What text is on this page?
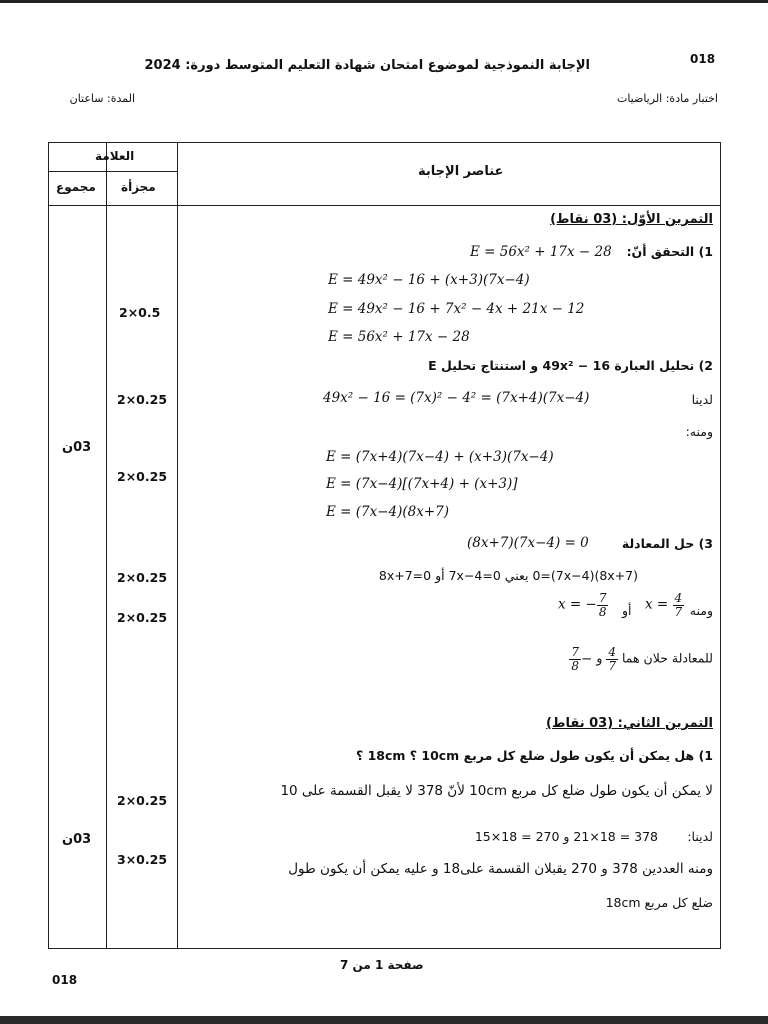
018
الإجابة النموذجية لموضوع امتحان شهادة التعليم المتوسط دورة: 2024
اختبار مادة: الرياضيات
المدة: ساعتان
العلامة
مجزأة
مجموع
عناصر الإجابة
التمرين الأوّل: (03 نقاط)
1) التحقق أنّ:
E = 56x² + 17x − 28
E = 49x² − 16 + (x+3)(7x−4)
E = 49x² − 16 + 7x² − 4x + 21x − 12
E = 56x² + 17x − 28
2) تحليل العبارة 49x² − 16 و استنتاج تحليل E
لدينا
49x² − 16 = (7x)² − 4² = (7x+4)(7x−4)
ومنه:
E = (7x+4)(7x−4) + (x+3)(7x−4)
E = (7x−4)[(7x+4) + (x+3)]
E = (7x−4)(8x+7)
3) حل المعادلة
(8x+7)(7x−4) = 0
(8x+7)(7x−4)=0 يعني 7x−4=0 أو 8x+7=0
ومنه
$x = \frac{4}{7}$
أو
x = − $\frac{7}{8}$
للمعادلة حلان هما
$\frac{4}{7}$
و −
$\frac{7}{8}$
2×0.5
2×0.25
2×0.25
2×0.25
2×0.25
03ن
التمرين الثاني: (03 نقاط)
1) هل يمكن أن يكون طول ضلع كل مربع 10cm ؟ 18cm ؟
لا يمكن أن يكون طول ضلع كل مربع 10cm لأنّ 378 لا يقبل القسمة على 10
لدينا:
378 = 18×21 و 270 = 18×15
ومنه العددين 378 و 270 يقبلان القسمة على18 و عليه يمكن أن يكون طول
ضلع كل مربع 18cm
2×0.25
3×0.25
03ن
صفحة 1 من 7
018
